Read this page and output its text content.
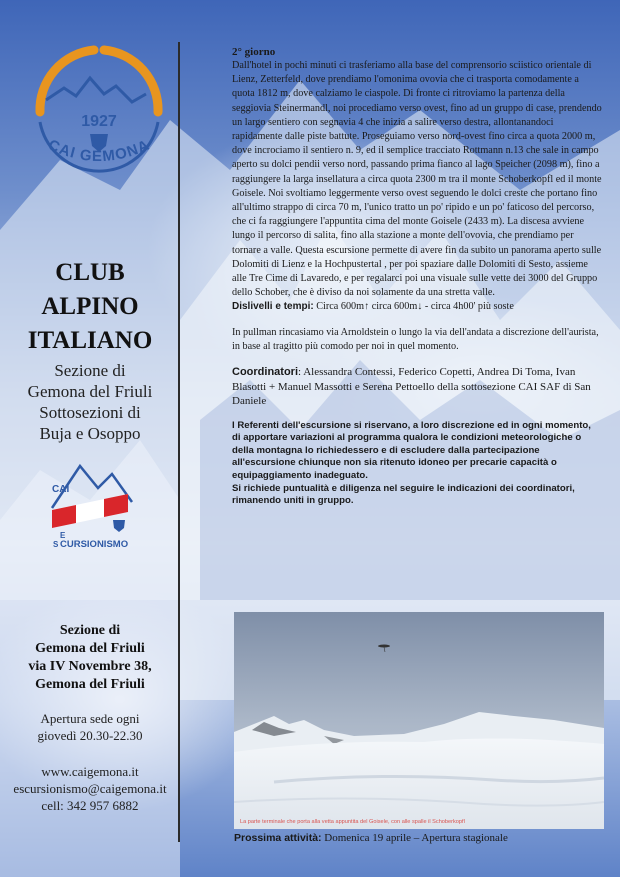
1927
CAI GEMONA
CLUB
ALPINO
ITALIANO
Sezione di
Gemona del Friuli
Sottosezioni di
Buja e Osoppo
CAI
E
S CURSIONISMO
Sezione di
Gemona del Friuli
via IV Novembre 38,
Gemona del Friuli
Apertura sede ogni
giovedì 20.30-22.30
www.caigemona.it
escursionismo@caigemona.it
cell: 342 957 6882
2° giorno

Dall'hotel in pochi minuti ci trasferiamo alla base del comprensorio sciistico orientale di Lienz, Zetterfeld, dove prendiamo l'omonima ovovia che ci trasporta comodamente a quota 1812 m, dove calziamo le ciaspole. Di fronte ci ritroviamo la partenza della seggiovia Steinermandl, noi procediamo verso ovest, fino ad un gruppo di case, prendendo un largo sentiero con segnavia 4 che inizia a salire verso destra, allontanandoci rapidamente dalle piste battute. Proseguiamo verso nord-ovest fino circa a quota 2000 m, dove incrociamo il sentiero n. 9, ed il semplice tracciato Rottmann n.13 che sale in campo aperto su dolci pendii verso nord, passando prima fianco al lago Speicher (2098 m), fino a raggiungere la larga insellatura a circa quota 2300 m tra il monte Schoberkopfl ed il monte Goisele. Noi svoltiamo leggermente verso ovest seguendo le dolci creste che portano fino all'ultimo strappo di circa 70 m, l'unico tratto un po' ripido e un po' faticoso del percorso, che ci fa raggiungere l'appuntita cima del monte Goisele (2433 m). La discesa avviene lungo il percorso di salita, fino alla stazione a monte dell'ovovia, che prendiamo per tornare a valle. Questa escursione permette di avere fin da subito un panorama aperto sulle Dolomiti di Lienz e la Hochpustertal , per poi spaziare dalle Dolomiti di Sesto, assieme alle Tre Cime di Lavaredo, e per regalarci poi una visuale sulle vette dei 3000 del Gruppo dello Schober, che è diviso da noi solamente da una stretta valle.

Dislivelli e tempi: Circa 600m↑ circa 600m↓ - circa 4h00' più soste

In pullman rincasiamo via Arnoldstein o lungo la via dell'andata a discrezione dell'aurista, in base al tragitto più comodo per noi in quel momento.

Coordinatori: Alessandra Contessi, Federico Copetti, Andrea Di Toma, Ivan Blasotti + Manuel Massotti e Serena Pettoello della sottosezione CAI SAF di San Daniele

I Referenti dell'escursione si riservano, a loro discrezione ed in ogni momento, di apportare variazioni al programma qualora le condizioni meteorologiche o della montagna lo richiedessero e di escludere dalla partecipazione all'escursione chiunque non sia ritenuto idoneo per precarie capacità o equipaggiamento inadeguato.

Si richiede puntualità e diligenza nel seguire le indicazioni dei coordinatori, rimanendo uniti in gruppo.

La parte terminale che porta alla vetta appuntita del Goisele, con alle spalle il Schoberkopfl
Prossima attività: Domenica 19 aprile – Apertura stagionale
